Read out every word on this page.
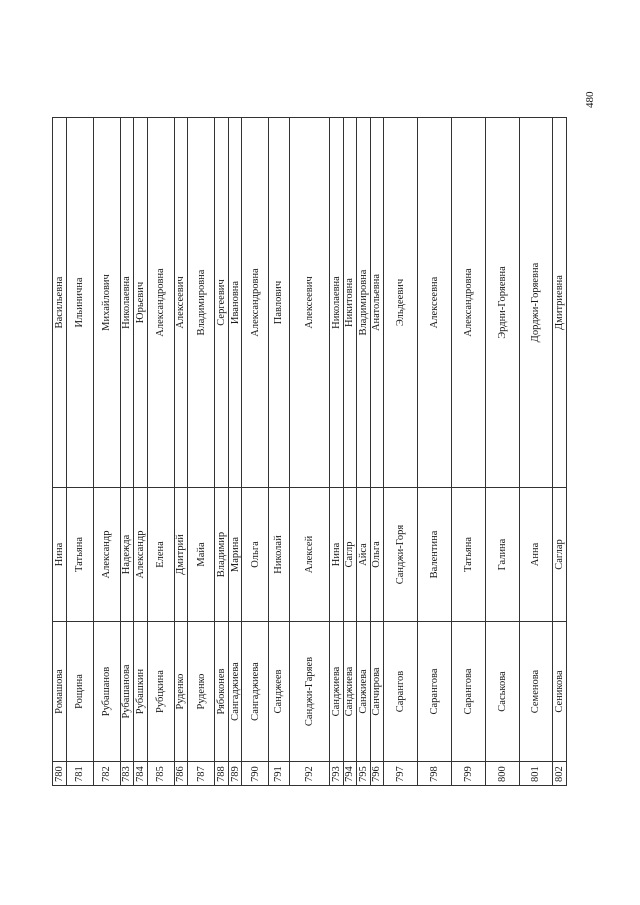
780	Ромашова	Нина	Васильевна
781	Рощина	Татьяна	Ильинична
782	Рубашанов	Александр	Михайлович
783	Рубашанова	Надежда	Николаевна
784	Рубашкин	Александр	Юрьевич
785	Рубцкина	Елена	Александровна
786	Руденко	Дмитрий	Алексеевич
787	Руденко	Майа	Владимировна
788	Рябоконев	Владимир	Сергеевич
789	Сангаджиева	Марина	Ивановна
790	Сангаджиева	Ольга	Александровна
791	Санджеев	Николай	Павлович
792	Санджи-Гаряев	Алексей	Алексеевич
793	Санджиева	Нина	Николаевна
794	Санджиева	Саглр	Никитовна
795	Санжиева	Айса	Владимировна
796	Санчирова	Ольга	Анатольевна
797	Сарангов	Санджи-Горя	Эльдеевич
798	Сарангова	Валентина	Алексеевна
799	Сарангова	Татьяна	Александровна
800	Саськова	Галина	Эрдни-Горяевна
801	Семенова	Анна	Дорджи-Горяевна
802	Сеникова	Саглар	Дмитриевна
480
